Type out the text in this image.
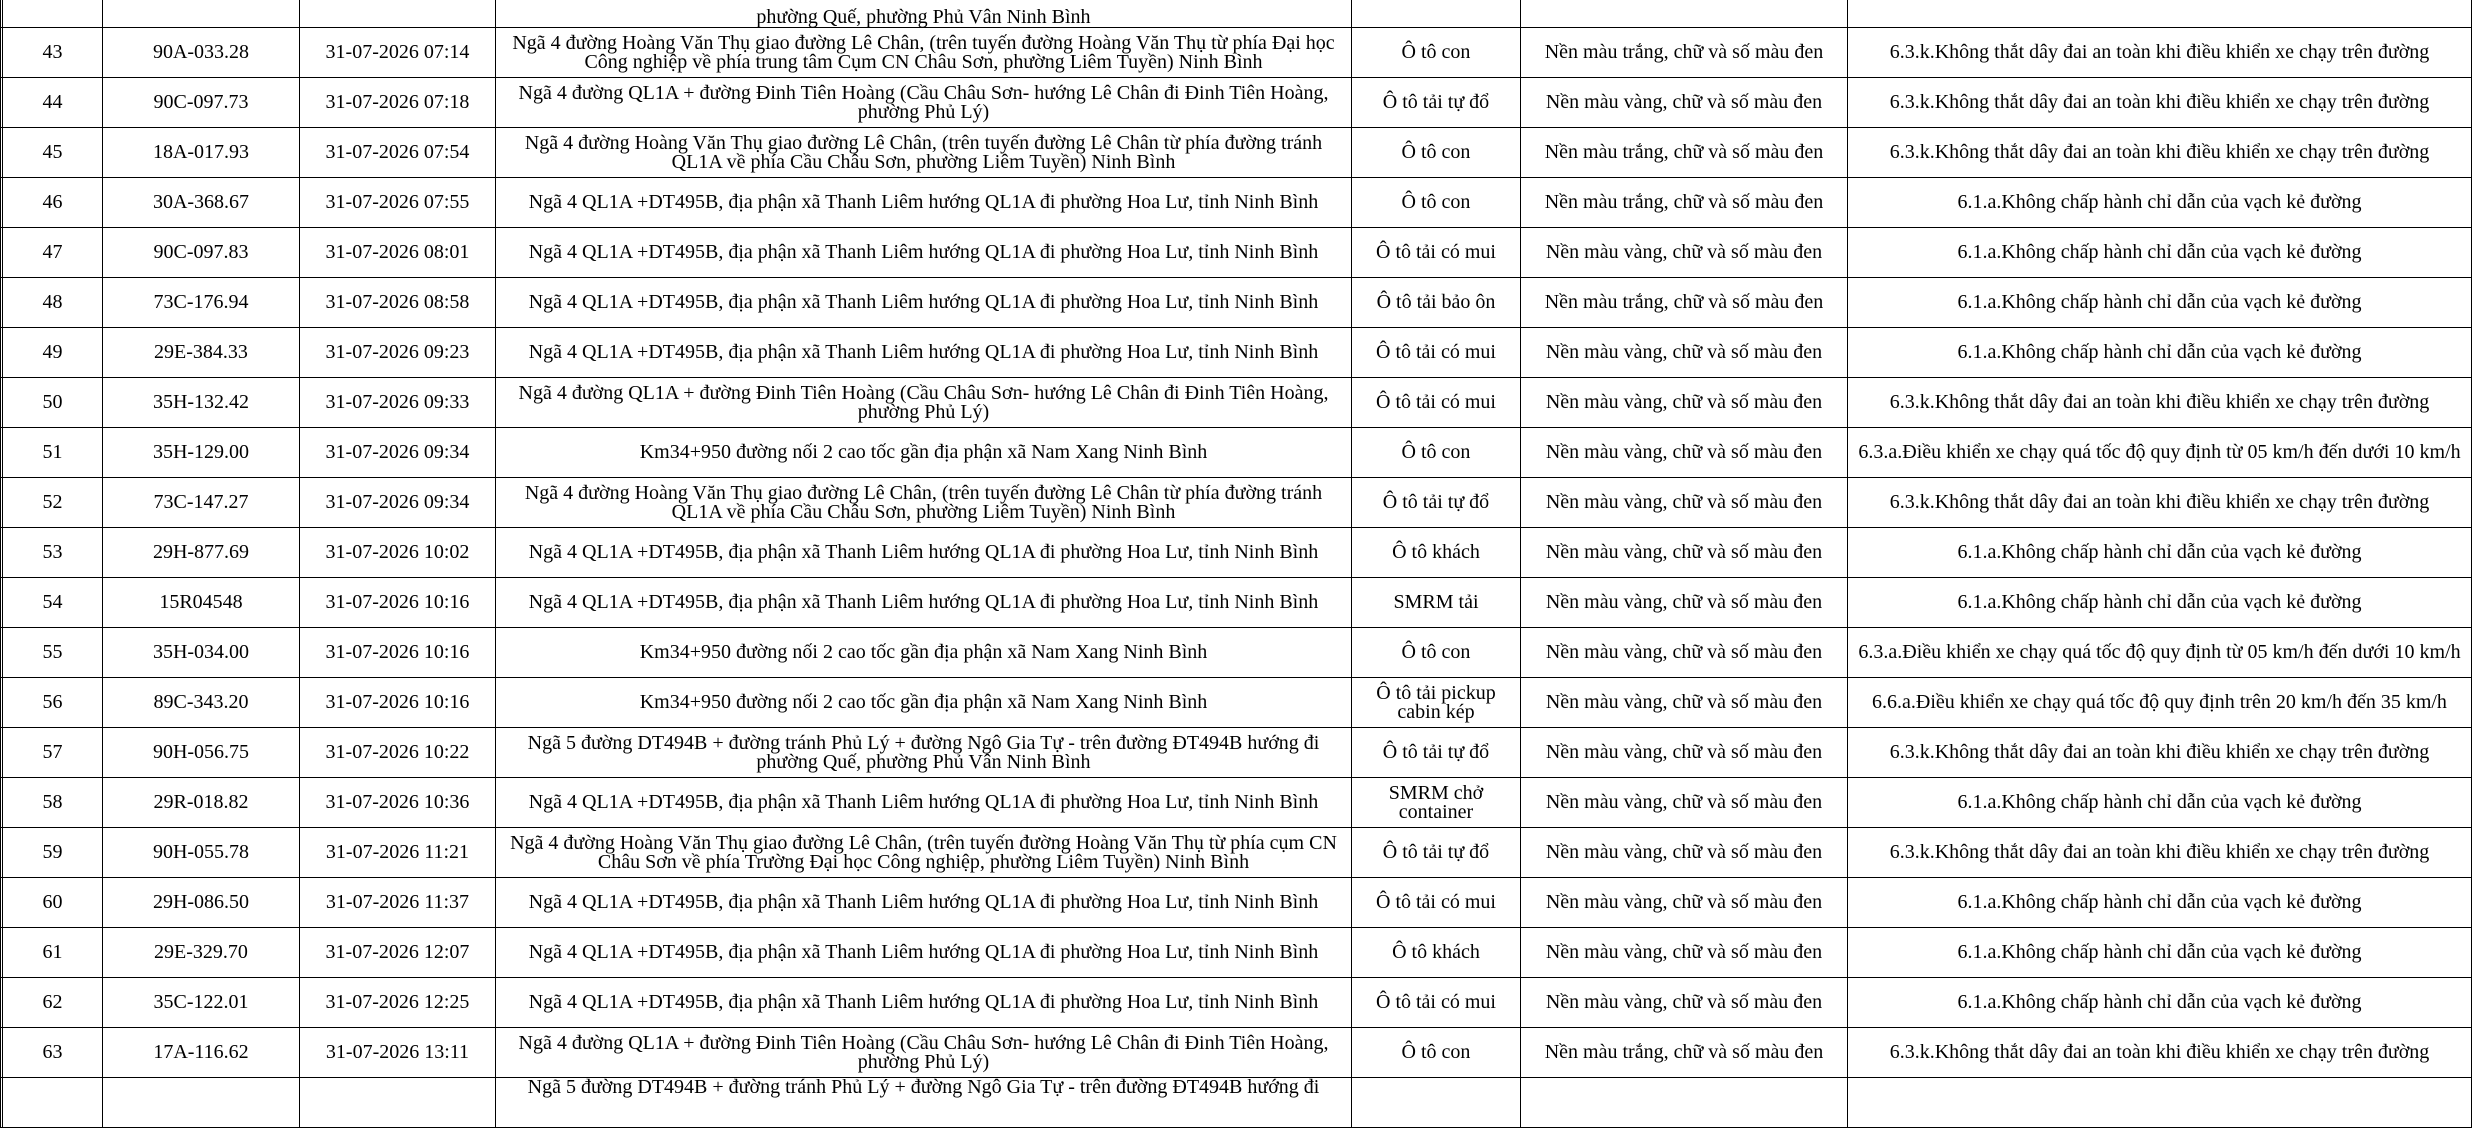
				phường Quế, phường Phủ Vân Ninh Bình			
	43	90A-033.28	31-07-2026 07:14	Ngã 4 đường Hoàng Văn Thụ giao đường Lê Chân, (trên tuyến đường Hoàng Văn Thụ từ phía Đại học Công nghiệp về phía trung tâm Cụm CN Châu Sơn, phường Liêm Tuyền) Ninh Bình	Ô tô con	Nền màu trắng, chữ và số màu đen	6.3.k.Không thắt dây đai an toàn khi điều khiển xe chạy trên đường
	44	90C-097.73	31-07-2026 07:18	Ngã 4 đường QL1A + đường Đinh Tiên Hoàng (Cầu Châu Sơn- hướng Lê Chân đi Đinh Tiên Hoàng, phường Phủ Lý)	Ô tô tải tự đổ	Nền màu vàng, chữ và số màu đen	6.3.k.Không thắt dây đai an toàn khi điều khiển xe chạy trên đường
	45	18A-017.93	31-07-2026 07:54	Ngã 4 đường Hoàng Văn Thụ giao đường Lê Chân, (trên tuyến đường Lê Chân từ phía đường tránh QL1A về phía Cầu Châu Sơn, phường Liêm Tuyền) Ninh Bình	Ô tô con	Nền màu trắng, chữ và số màu đen	6.3.k.Không thắt dây đai an toàn khi điều khiển xe chạy trên đường
	46	30A-368.67	31-07-2026 07:55	Ngã 4 QL1A +DT495B, địa phận xã Thanh Liêm hướng QL1A đi phường Hoa Lư, tỉnh Ninh Bình	Ô tô con	Nền màu trắng, chữ và số màu đen	6.1.a.Không chấp hành chỉ dẫn của vạch kẻ đường
	47	90C-097.83	31-07-2026 08:01	Ngã 4 QL1A +DT495B, địa phận xã Thanh Liêm hướng QL1A đi phường Hoa Lư, tỉnh Ninh Bình	Ô tô tải có mui	Nền màu vàng, chữ và số màu đen	6.1.a.Không chấp hành chỉ dẫn của vạch kẻ đường
	48	73C-176.94	31-07-2026 08:58	Ngã 4 QL1A +DT495B, địa phận xã Thanh Liêm hướng QL1A đi phường Hoa Lư, tỉnh Ninh Bình	Ô tô tải bảo ôn	Nền màu trắng, chữ và số màu đen	6.1.a.Không chấp hành chỉ dẫn của vạch kẻ đường
	49	29E-384.33	31-07-2026 09:23	Ngã 4 QL1A +DT495B, địa phận xã Thanh Liêm hướng QL1A đi phường Hoa Lư, tỉnh Ninh Bình	Ô tô tải có mui	Nền màu vàng, chữ và số màu đen	6.1.a.Không chấp hành chỉ dẫn của vạch kẻ đường
	50	35H-132.42	31-07-2026 09:33	Ngã 4 đường QL1A + đường Đinh Tiên Hoàng (Cầu Châu Sơn- hướng Lê Chân đi Đinh Tiên Hoàng, phường Phủ Lý)	Ô tô tải có mui	Nền màu vàng, chữ và số màu đen	6.3.k.Không thắt dây đai an toàn khi điều khiển xe chạy trên đường
	51	35H-129.00	31-07-2026 09:34	Km34+950 đường nối 2 cao tốc gần địa phận xã Nam Xang Ninh Bình	Ô tô con	Nền màu vàng, chữ và số màu đen	6.3.a.Điều khiển xe chạy quá tốc độ quy định từ 05 km/h đến dưới 10 km/h
	52	73C-147.27	31-07-2026 09:34	Ngã 4 đường Hoàng Văn Thụ giao đường Lê Chân, (trên tuyến đường Lê Chân từ phía đường tránh QL1A về phía Cầu Châu Sơn, phường Liêm Tuyền) Ninh Bình	Ô tô tải tự đổ	Nền màu vàng, chữ và số màu đen	6.3.k.Không thắt dây đai an toàn khi điều khiển xe chạy trên đường
	53	29H-877.69	31-07-2026 10:02	Ngã 4 QL1A +DT495B, địa phận xã Thanh Liêm hướng QL1A đi phường Hoa Lư, tỉnh Ninh Bình	Ô tô khách	Nền màu vàng, chữ và số màu đen	6.1.a.Không chấp hành chỉ dẫn của vạch kẻ đường
	54	15R04548	31-07-2026 10:16	Ngã 4 QL1A +DT495B, địa phận xã Thanh Liêm hướng QL1A đi phường Hoa Lư, tỉnh Ninh Bình	SMRM tải	Nền màu vàng, chữ và số màu đen	6.1.a.Không chấp hành chỉ dẫn của vạch kẻ đường
	55	35H-034.00	31-07-2026 10:16	Km34+950 đường nối 2 cao tốc gần địa phận xã Nam Xang Ninh Bình	Ô tô con	Nền màu vàng, chữ và số màu đen	6.3.a.Điều khiển xe chạy quá tốc độ quy định từ 05 km/h đến dưới 10 km/h
	56	89C-343.20	31-07-2026 10:16	Km34+950 đường nối 2 cao tốc gần địa phận xã Nam Xang Ninh Bình	Ô tô tải pickup cabin kép	Nền màu vàng, chữ và số màu đen	6.6.a.Điều khiển xe chạy quá tốc độ quy định trên 20 km/h đến 35 km/h
	57	90H-056.75	31-07-2026 10:22	Ngã 5 đường DT494B + đường tránh Phủ Lý + đường Ngô Gia Tự - trên đường ĐT494B hướng đi phường Quế, phường Phủ Vân Ninh Bình	Ô tô tải tự đổ	Nền màu vàng, chữ và số màu đen	6.3.k.Không thắt dây đai an toàn khi điều khiển xe chạy trên đường
	58	29R-018.82	31-07-2026 10:36	Ngã 4 QL1A +DT495B, địa phận xã Thanh Liêm hướng QL1A đi phường Hoa Lư, tỉnh Ninh Bình	SMRM chở container	Nền màu vàng, chữ và số màu đen	6.1.a.Không chấp hành chỉ dẫn của vạch kẻ đường
	59	90H-055.78	31-07-2026 11:21	Ngã 4 đường Hoàng Văn Thụ giao đường Lê Chân, (trên tuyến đường Hoàng Văn Thụ từ phía cụm CN Châu Sơn về phía Trường Đại học Công nghiệp, phường Liêm Tuyền) Ninh Bình	Ô tô tải tự đổ	Nền màu vàng, chữ và số màu đen	6.3.k.Không thắt dây đai an toàn khi điều khiển xe chạy trên đường
	60	29H-086.50	31-07-2026 11:37	Ngã 4 QL1A +DT495B, địa phận xã Thanh Liêm hướng QL1A đi phường Hoa Lư, tỉnh Ninh Bình	Ô tô tải có mui	Nền màu vàng, chữ và số màu đen	6.1.a.Không chấp hành chỉ dẫn của vạch kẻ đường
	61	29E-329.70	31-07-2026 12:07	Ngã 4 QL1A +DT495B, địa phận xã Thanh Liêm hướng QL1A đi phường Hoa Lư, tỉnh Ninh Bình	Ô tô khách	Nền màu vàng, chữ và số màu đen	6.1.a.Không chấp hành chỉ dẫn của vạch kẻ đường
	62	35C-122.01	31-07-2026 12:25	Ngã 4 QL1A +DT495B, địa phận xã Thanh Liêm hướng QL1A đi phường Hoa Lư, tỉnh Ninh Bình	Ô tô tải có mui	Nền màu vàng, chữ và số màu đen	6.1.a.Không chấp hành chỉ dẫn của vạch kẻ đường
	63	17A-116.62	31-07-2026 13:11	Ngã 4 đường QL1A + đường Đinh Tiên Hoàng (Cầu Châu Sơn- hướng Lê Chân đi Đinh Tiên Hoàng, phường Phủ Lý)	Ô tô con	Nền màu trắng, chữ và số màu đen	6.3.k.Không thắt dây đai an toàn khi điều khiển xe chạy trên đường
				Ngã 5 đường DT494B + đường tránh Phủ Lý + đường Ngô Gia Tự - trên đường ĐT494B hướng đi			
